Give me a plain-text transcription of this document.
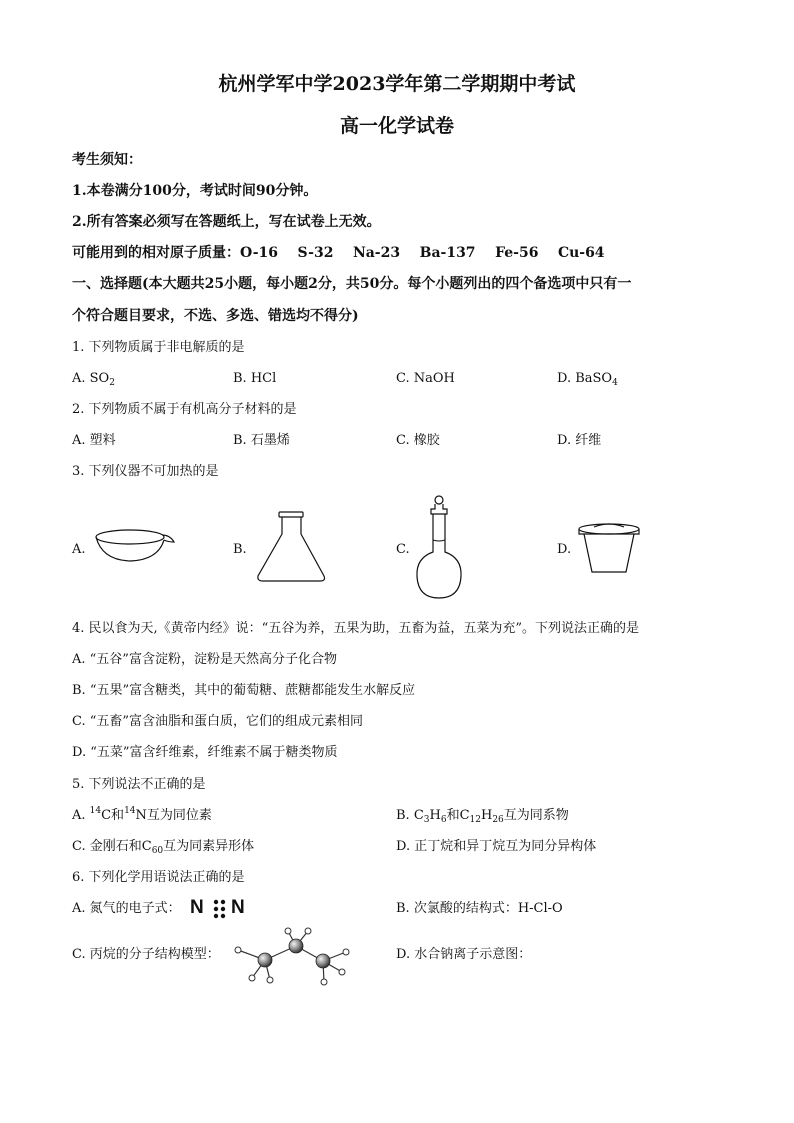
杭州学军中学2023学年第二学期期中考试
高一化学试卷
考生须知：
1.本卷满分100分，考试时间90分钟。
2.所有答案必须写在答题纸上，写在试卷上无效。
可能用到的相对原子质量：O-16 S-32 Na-23 Ba-137 Fe-56 Cu-64
一、选择题(本大题共25小题，每小题2分，共50分。每个小题列出的四个备选项中只有一
个符合题目要求，不选、多选、错选均不得分)
1. 下列物质属于非电解质的是
A. $SO_2$	B. HCl	C. NaOH	D. BaSO$_4$
2. 下列物质不属于有机高分子材料的是
A. 塑料	B. 石墨烯	C. 橡胶	D. 纤维
3. 下列仪器不可加热的是
A.	B.	C.	D.
4. 民以食为天,《黄帝内经》说：“五谷为养，五果为助，五畜为益，五菜为充”。下列说法正确的是
A. “五谷”富含淀粉，淀粉是天然高分子化合物
B. “五果”富含糖类，其中的葡萄糖、蔗糖都能发生水解反应
C. “五畜”富含油脂和蛋白质，它们的组成元素相同
D. “五菜”富含纤维素，纤维素不属于糖类物质
5. 下列说法不正确的是
A. $^{14}$C和$^{14}$N互为同位素	B. $C_3H_6$和$C_{12}H_{26}$互为同系物
C. 金刚石和$C_{60}$互为同素异形体	D. 正丁烷和异丁烷互为同分异构体
6. 下列化学用语说法正确的是
A. 氮气的电子式： N N	B. 次氯酸的结构式：H-Cl-O
C. 丙烷的分子结构模型：	D. 水合钠离子示意图：
